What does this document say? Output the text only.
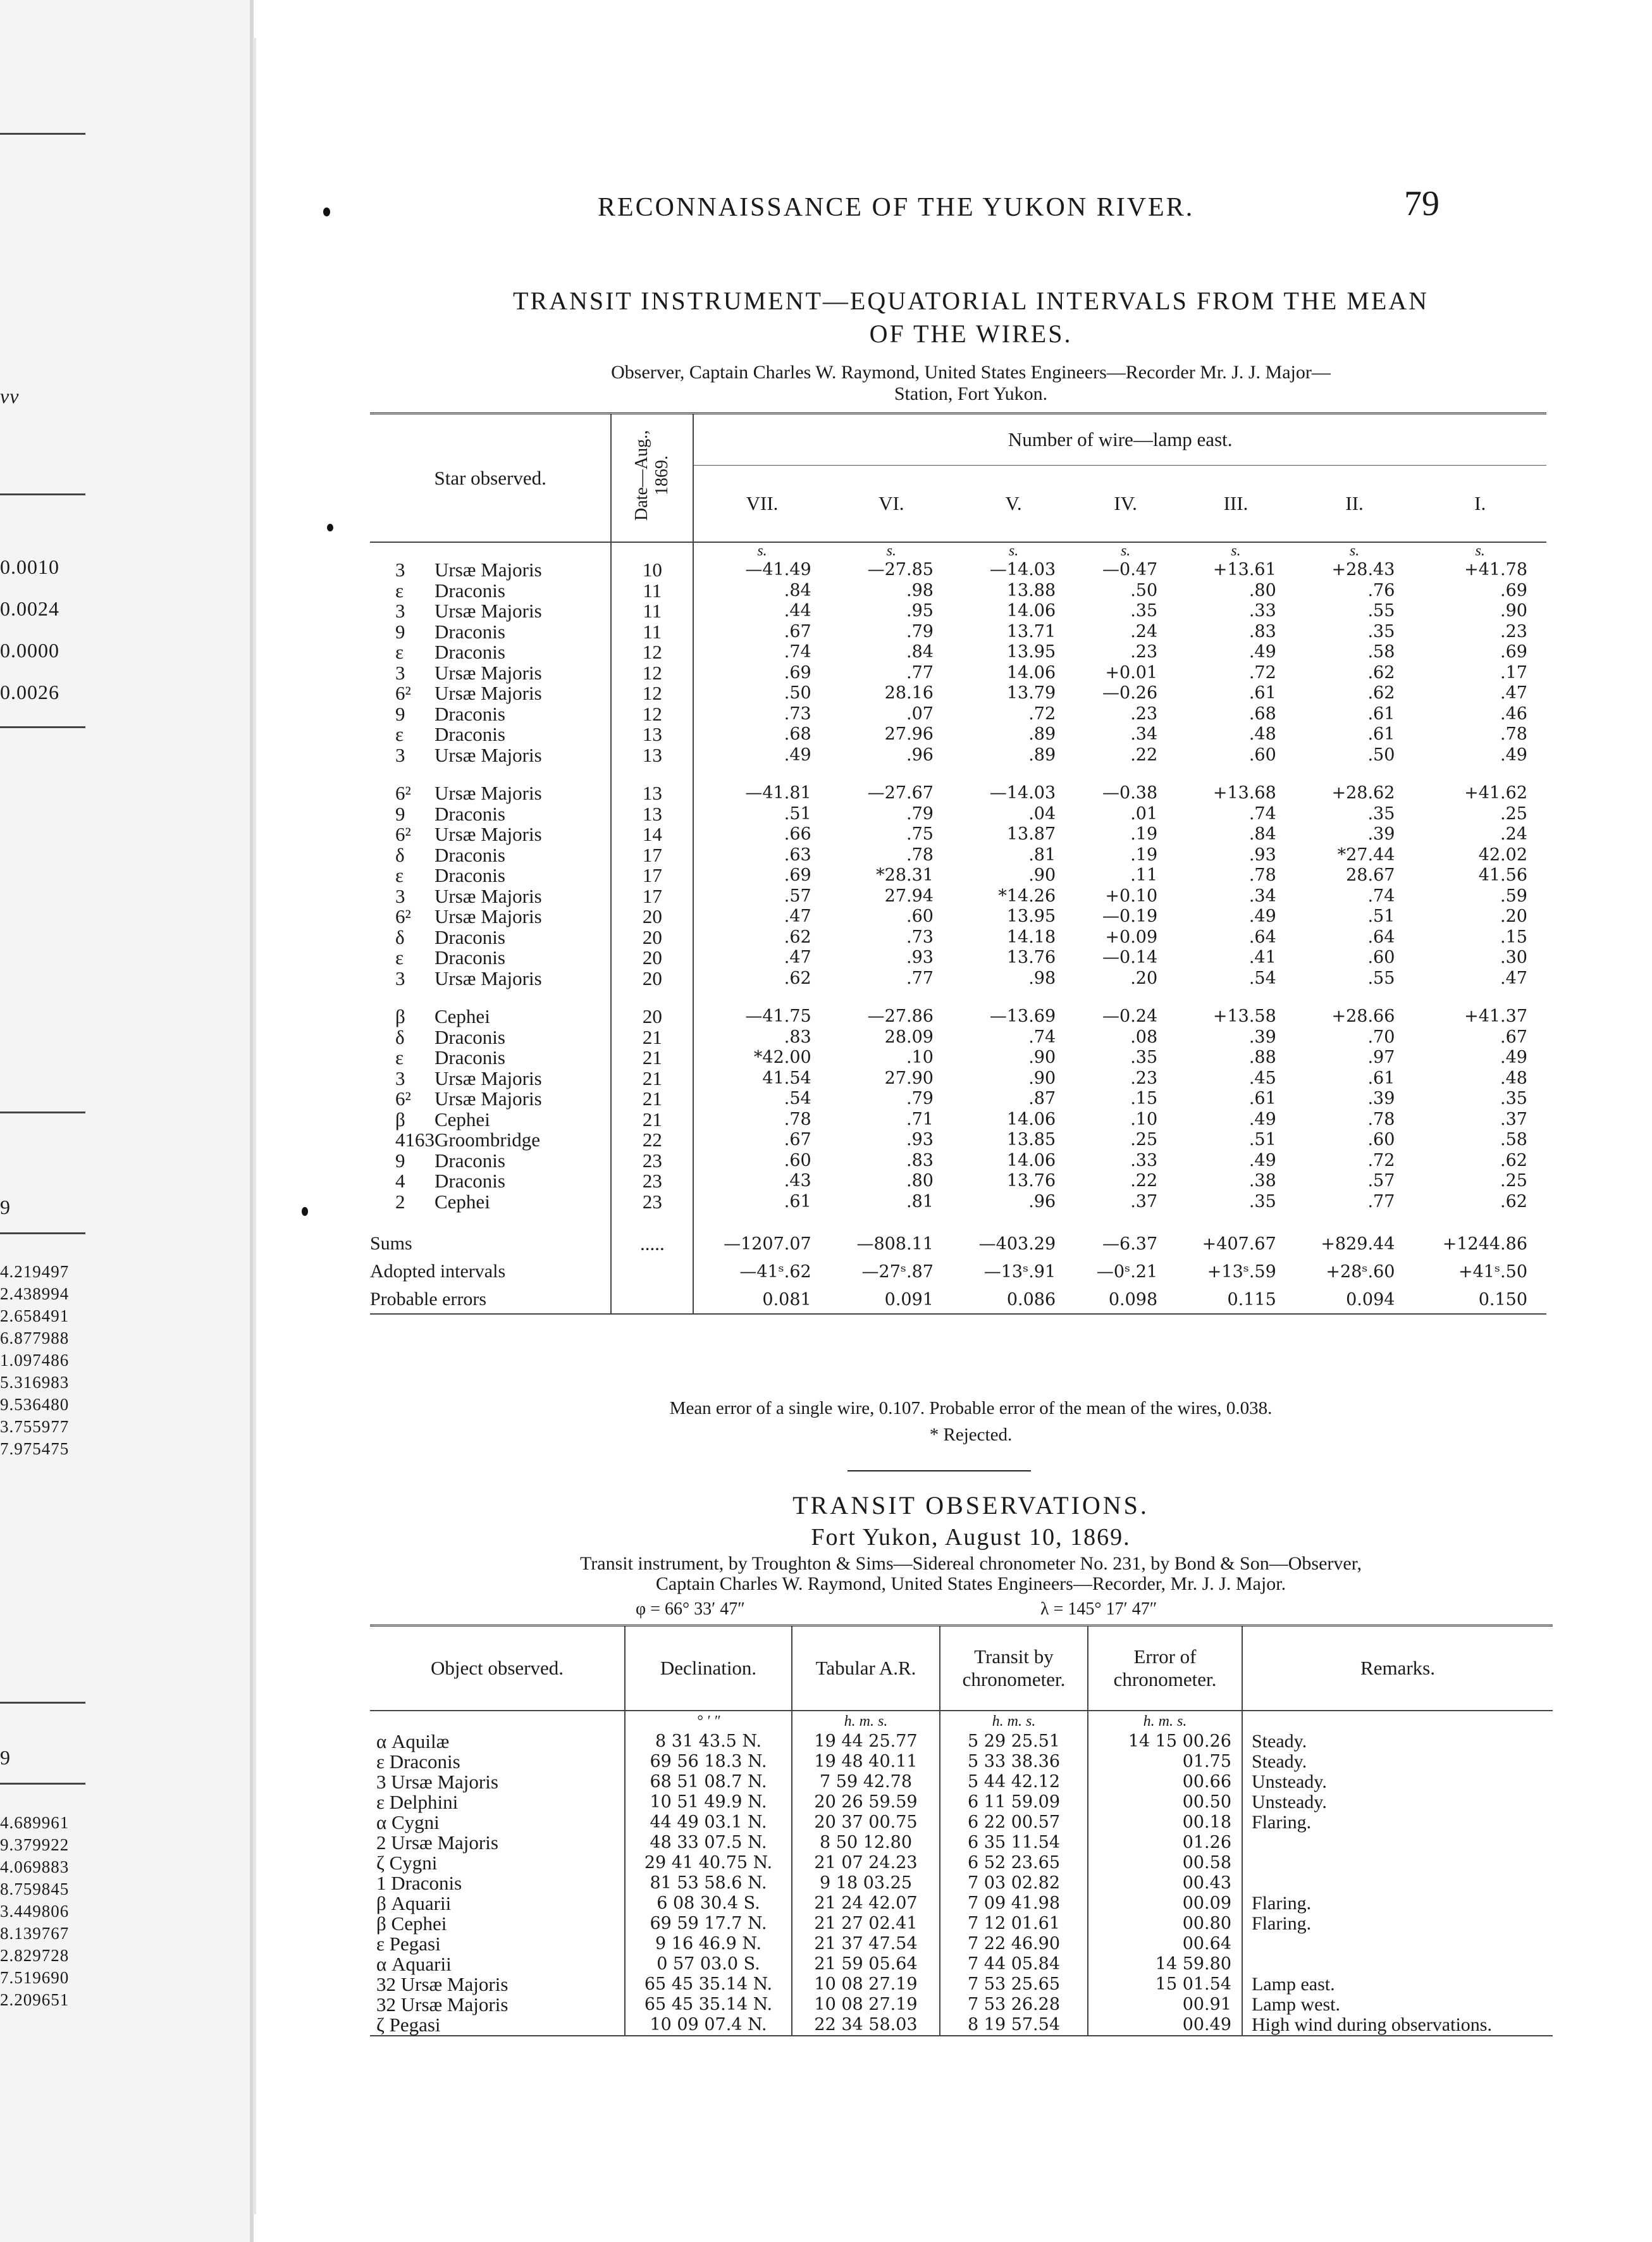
vv
0.0010
0.0024
0.0000
0.0026
9
4.219497
2.438994
2.658491
6.877988
1.097486
5.316983
9.536480
3.755977
7.975475
9
4.689961
9.379922
4.069883
8.759845
3.449806
8.139767
2.829728
7.519690
2.209651
RECONNAISSANCE OF THE YUKON RIVER.	79
TRANSIT INSTRUMENT—EQUATORIAL INTERVALS FROM THE MEAN
OF THE WIRES.
Observer, Captain Charles W. Raymond, United States Engineers—Recorder Mr. J. J. Major—
Station, Fort Yukon.
Star observed.		Date—Aug., 1869.	Number of wire—lamp east.						
			VII.	VI.	V.	IV.	III.	II.	I.

			s.	s.	s.	s.	s.	s.	s.
3	Ursæ Majoris	10	—41.49	—27.85	—14.03	—0.47	+13.61	+28.43	+41.78
ε	Draconis	11	.84	.98	13.88	.50	.80	.76	.69
3	Ursæ Majoris	11	.44	.95	14.06	.35	.33	.55	.90
9	Draconis	11	.67	.79	13.71	.24	.83	.35	.23
ε	Draconis	12	.74	.84	13.95	.23	.49	.58	.69
3	Ursæ Majoris	12	.69	.77	14.06	+0.01	.72	.62	.17
6²	Ursæ Majoris	12	.50	28.16	13.79	—0.26	.61	.62	.47
9	Draconis	12	.73	.07	.72	.23	.68	.61	.46
ε	Draconis	13	.68	27.96	.89	.34	.48	.61	.78
3	Ursæ Majoris	13	.49	.96	.89	.22	.60	.50	.49

6²	Ursæ Majoris	13	—41.81	—27.67	—14.03	—0.38	+13.68	+28.62	+41.62
9	Draconis	13	.51	.79	.04	.01	.74	.35	.25
6²	Ursæ Majoris	14	.66	.75	13.87	.19	.84	.39	.24
δ	Draconis	17	.63	.78	.81	.19	.93	*27.44	42.02
ε	Draconis	17	.69	*28.31	.90	.11	.78	28.67	41.56
3	Ursæ Majoris	17	.57	27.94	*14.26	+0.10	.34	.74	.59
6²	Ursæ Majoris	20	.47	.60	13.95	—0.19	.49	.51	.20
δ	Draconis	20	.62	.73	14.18	+0.09	.64	.64	.15
ε	Draconis	20	.47	.93	13.76	—0.14	.41	.60	.30
3	Ursæ Majoris	20	.62	.77	.98	.20	.54	.55	.47

β	Cephei	20	—41.75	—27.86	—13.69	—0.24	+13.58	+28.66	+41.37
δ	Draconis	21	.83	28.09	.74	.08	.39	.70	.67
ε	Draconis	21	*42.00	.10	.90	.35	.88	.97	.49
3	Ursæ Majoris	21	41.54	27.90	.90	.23	.45	.61	.48
6²	Ursæ Majoris	21	.54	.79	.87	.15	.61	.39	.35
β	Cephei	21	.78	.71	14.06	.10	.49	.78	.37
4163	Groombridge	22	.67	.93	13.85	.25	.51	.60	.58
9	Draconis	23	.60	.83	14.06	.33	.49	.72	.62
4	Draconis	23	.43	.80	13.76	.22	.38	.57	.25
2	Cephei	23	.61	.81	.96	.37	.35	.77	.62

Sums		.....	—1207.07	—808.11	—403.29	—6.37	+407.67	+829.44	+1244.86
Adopted intervals			—41ˢ.62	—27ˢ.87	—13ˢ.91	—0ˢ.21	+13ˢ.59	+28ˢ.60	+41ˢ.50
Probable errors			0.081	0.091	0.086	0.098	0.115	0.094	0.150

Mean error of a single wire, 0.107. Probable error of the mean of the wires, 0.038.
* Rejected.
TRANSIT OBSERVATIONS.
Fort Yukon, August 10, 1869.
Transit instrument, by Troughton & Sims—Sidereal chronometer No. 231, by Bond & Son—Observer,
Captain Charles W. Raymond, United States Engineers—Recorder, Mr. J. J. Major.
φ = 66° 33′ 47″	λ = 145° 17′ 47″
Object observed.	Declination.	Tabular A.R.	Transit by chronometer.	Error of chronometer.	Remarks.
	° ′ ″	h. m. s.	h. m. s.	h. m. s.	
α Aquilæ	8 31 43.5 N.	19 44 25.77	5 29 25.51	14 15 00.26	Steady.
ε Draconis	69 56 18.3 N.	19 48 40.11	5 33 38.36	01.75	Steady.
3 Ursæ Majoris	68 51 08.7 N.	7 59 42.78	5 44 42.12	00.66	Unsteady.
ε Delphini	10 51 49.9 N.	20 26 59.59	6 11 59.09	00.50	Unsteady.
α Cygni	44 49 03.1 N.	20 37 00.75	6 22 00.57	00.18	Flaring.
2 Ursæ Majoris	48 33 07.5 N.	8 50 12.80	6 35 11.54	01.26	
ζ Cygni	29 41 40.75 N.	21 07 24.23	6 52 23.65	00.58	
1 Draconis	81 53 58.6 N.	9 18 03.25	7 03 02.82	00.43	
β Aquarii	6 08 30.4 S.	21 24 42.07	7 09 41.98	00.09	Flaring.
β Cephei	69 59 17.7 N.	21 27 02.41	7 12 01.61	00.80	Flaring.
ε Pegasi	9 16 46.9 N.	21 37 47.54	7 22 46.90	00.64	
α Aquarii	0 57 03.0 S.	21 59 05.64	7 44 05.84	14 59.80	
32 Ursæ Majoris	65 45 35.14 N.	10 08 27.19	7 53 25.65	15 01.54	Lamp east.
32 Ursæ Majoris	65 45 35.14 N.	10 08 27.19	7 53 26.28	00.91	Lamp west.
ζ Pegasi	10 09 07.4 N.	22 34 58.03	8 19 57.54	00.49	High wind during observations.
